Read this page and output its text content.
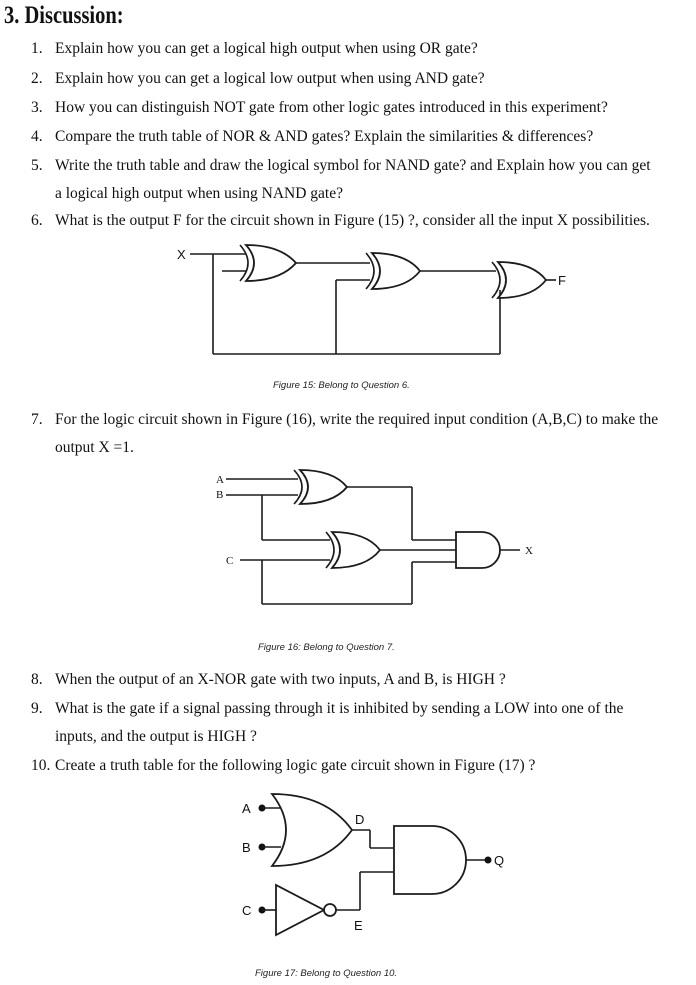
3. Discussion:
1. Explain how you can get a logical high output when using OR gate?
2. Explain how you can get a logical low output when using AND gate?
3. How you can distinguish NOT gate from other logic gates introduced in this experiment?
4. Compare the truth table of NOR & AND gates? Explain the similarities & differences?
5. Write the truth table and draw the logical symbol for NAND gate? and Explain how you can get
a logical high output when using NAND gate?
6. What is the output F for the circuit shown in Figure (15) ?, consider all the input X possibilities.
X
F
Figure 15: Belong to Question 6.
7. For the logic circuit shown in Figure (16), write the required input condition (A,B,C) to make the
output X =1.
A
B
C
X
Figure 16: Belong to Question 7.
8. When the output of an X-NOR gate with two inputs, A and B, is HIGH ?
9. What is the gate if a signal passing through it is inhibited by sending a LOW into one of the
inputs, and the output is HIGH ?
10. Create a truth table for the following logic gate circuit shown in Figure (17) ?
A
B
C
D
E
Q
Figure 17: Belong to Question 10.
